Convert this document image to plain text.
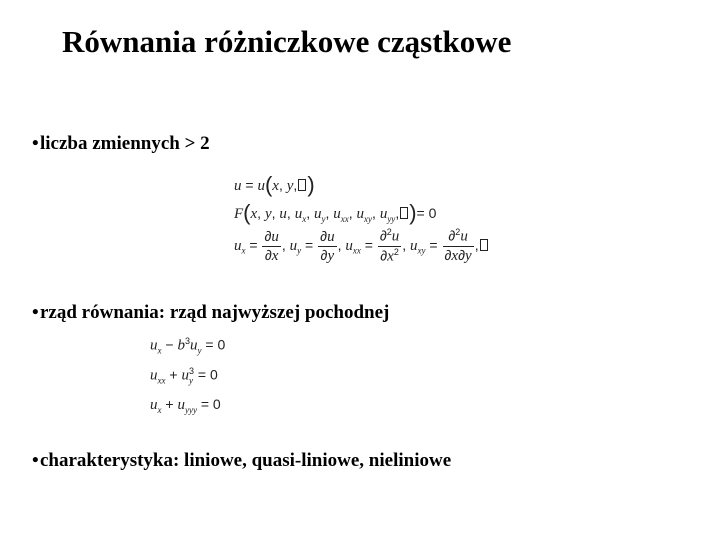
Równania różniczkowe cząstkowe
• liczba zmiennych > 2
u = u(x, y, )
F(x, y, u, $u_x$, $u_y$, $u_{xx}$, $u_{xy}$, $u_{yy}$, )= 0
$u_x = \frac{\partial u}{\partial x}$ , $u_y = \frac{\partial u}{\partial y}$ , $u_{xx} = \frac{\partial^2u}{\partial x^2}$ , $u_{xy} = \frac{\partial^2u}{\partial x\partial y}$ ,
• rząd równania: rząd najwyższej pochodnej
$u_x - b^3u_y = 0$
$u_{xx} + u_y^3 = 0$
$u_x + u_{yyy} = 0$
• charakterystyka: liniowe, quasi-liniowe, nieliniowe
